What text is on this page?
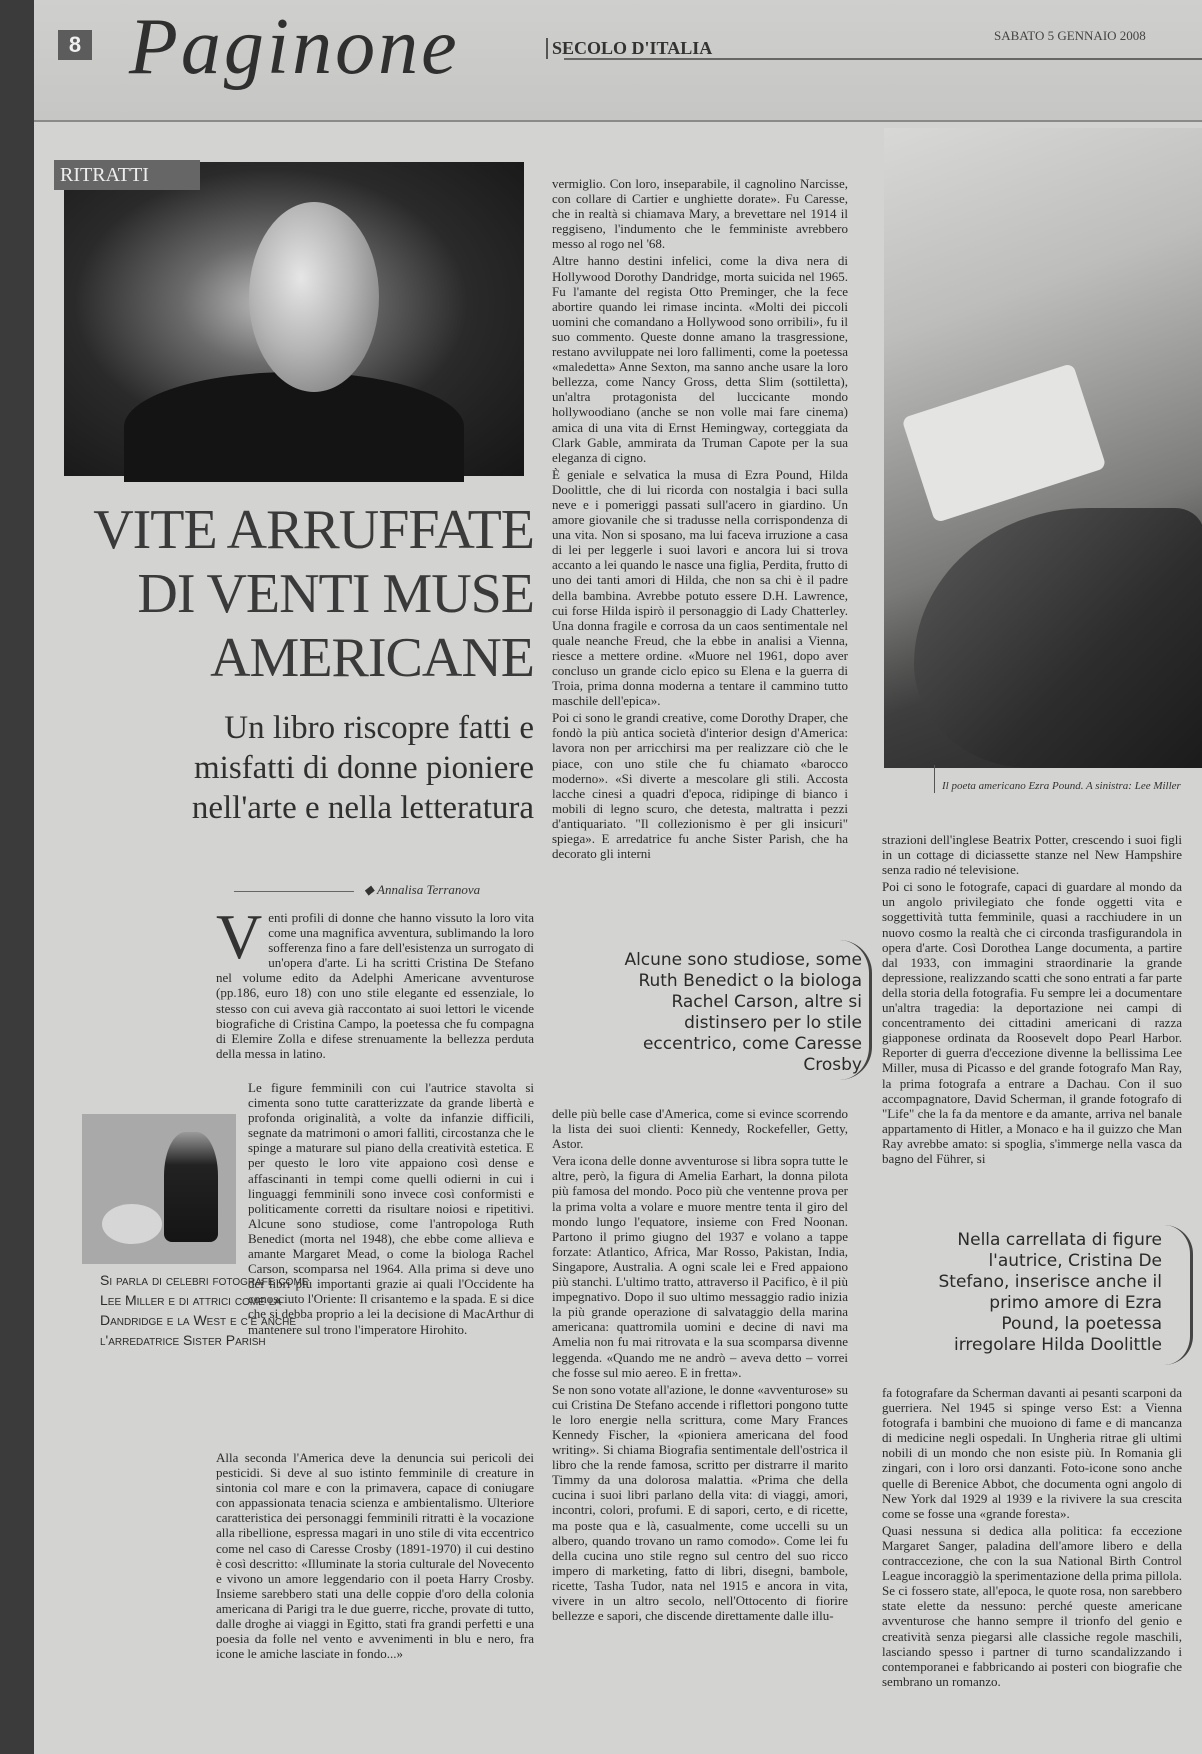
8 Paginone	SECOLO D'ITALIA
SABATO 5 GENNAIO 2008
RITRATTI
VITE ARRUFFATE DI VENTI MUSE AMERICANE
Un libro riscopre fatti e misfatti di donne pioniere nell'arte e nella letteratura
◆ Annalisa Terranova
V enti profili di donne che hanno vissuto la loro vita come una magnifica avventura, sublimando la loro sofferenza fino a fare dell'esistenza un surrogato di un'opera d'arte. Li ha scritti Cristina De Stefano nel volume edito da Adelphi Americane avventurose (pp.186, euro 18) con uno stile elegante ed essenziale, lo stesso con cui aveva già raccontato ai suoi lettori le vicende biografiche di Cristina Campo, la poetessa che fu compagna di Elemire Zolla e difese strenuamente la bellezza perduta della messa in latino.

Le figure femminili con cui l'autrice stavolta si cimenta sono tutte caratterizzate da grande libertà e profonda originalità, a volte da infanzie difficili, segnate da matrimoni o amori falliti, circostanza che le spinge a maturare sul piano della creatività estetica. E per questo le loro vite appaiono così dense e affascinanti in tempi come quelli odierni in cui i linguaggi femminili sono invece così conformisti e politicamente corretti da risultare noiosi e ripetitivi. Alcune sono studiose, come l'antropologa Ruth Benedict (morta nel 1948), che ebbe come allieva e amante Margaret Mead, o come la biologa Rachel Carson, scomparsa nel 1964. Alla prima si deve uno dei libri più importanti grazie ai quali l'Occidente ha conosciuto l'Oriente: Il crisantemo e la spada. E si dice che si debba proprio a lei la decisione di MacArthur di mantenere sul trono l'imperatore Hirohito.

Alla seconda l'America deve la denuncia sui pericoli dei pesticidi. Si deve al suo istinto femminile di creature in sintonia col mare e con la primavera, capace di coniugare con appassionata tenacia scienza e ambientalismo. Ulteriore caratteristica dei personaggi femminili ritratti è la vocazione alla ribellione, espressa magari in uno stile di vita eccentrico come nel caso di Caresse Crosby (1891-1970) il cui destino è così descritto: «Illuminate la storia culturale del Novecento e vivono un amore leggendario con il poeta Harry Crosby. Insieme sarebbero stati una delle coppie d'oro della colonia americana di Parigi tra le due guerre, ricche, provate di tutto, dalle droghe ai viaggi in Egitto, stati fra grandi perfetti e una poesia da folle nel vento e avvenimenti in blu e nero, fra icone le amiche lasciate in fondo...»

Si parla di celebri fotografe come Lee Miller e di attrici come la Dandridge e la West e c'è anche l'arredatrice Sister Parish

vermiglio. Con loro, inseparabile, il cagnolino Narcisse, con collare di Cartier e unghiette dorate». Fu Caresse, che in realtà si chiamava Mary, a brevettare nel 1914 il reggiseno, l'indumento che le femministe avrebbero messo al rogo nel '68.

Altre hanno destini infelici, come la diva nera di Hollywood Dorothy Dandridge, morta suicida nel 1965. Fu l'amante del regista Otto Preminger, che la fece abortire quando lei rimase incinta. «Molti dei piccoli uomini che comandano a Hollywood sono orribili», fu il suo commento. Queste donne amano la trasgressione, restano avviluppate nei loro fallimenti, come la poetessa «maledetta» Anne Sexton, ma sanno anche usare la loro bellezza, come Nancy Gross, detta Slim (sottiletta), un'altra protagonista del luccicante mondo hollywoodiano (anche se non volle mai fare cinema) amica di una vita di Ernst Hemingway, corteggiata da Clark Gable, ammirata da Truman Capote per la sua eleganza di cigno.

È geniale e selvatica la musa di Ezra Pound, Hilda Doolittle, che di lui ricorda con nostalgia i baci sulla neve e i pomeriggi passati sull'acero in giardino. Un amore giovanile che si tradusse nella corrispondenza di una vita. Non si sposano, ma lui faceva irruzione a casa di lei per leggerle i suoi lavori e ancora lui si trova accanto a lei quando le nasce una figlia, Perdita, frutto di uno dei tanti amori di Hilda, che non sa chi è il padre della bambina. Avrebbe potuto essere D.H. Lawrence, cui forse Hilda ispirò il personaggio di Lady Chatterley. Una donna fragile e corrosa da un caos sentimentale nel quale neanche Freud, che la ebbe in analisi a Vienna, riesce a mettere ordine. «Muore nel 1961, dopo aver concluso un grande ciclo epico su Elena e la guerra di Troia, prima donna moderna a tentare il cammino tutto maschile dell'epica».

Poi ci sono le grandi creative, come Dorothy Draper, che fondò la più antica società d'interior design d'America: lavora non per arricchirsi ma per realizzare ciò che le piace, con uno stile che fu chiamato «barocco moderno». «Si diverte a mescolare gli stili. Accosta lacche cinesi a quadri d'epoca, ridipinge di bianco i mobili di legno scuro, che detesta, maltratta i pezzi d'antiquariato. "Il collezionismo è per gli insicuri" spiega». E arredatrice fu anche Sister Parish, che ha decorato gli interni

Alcune sono studiose, some Ruth Benedict o la biologa Rachel Carson, altre si distinsero per lo stile eccentrico, come Caresse Crosby

delle più belle case d'America, come si evince scorrendo la lista dei suoi clienti: Kennedy, Rockefeller, Getty, Astor.

Vera icona delle donne avventurose si libra sopra tutte le altre, però, la figura di Amelia Earhart, la donna pilota più famosa del mondo. Poco più che ventenne prova per la prima volta a volare e muore mentre tenta il giro del mondo lungo l'equatore, insieme con Fred Noonan. Partono il primo giugno del 1937 e volano a tappe forzate: Atlantico, Africa, Mar Rosso, Pakistan, India, Singapore, Australia. A ogni scale lei e Fred appaiono più stanchi. L'ultimo tratto, attraverso il Pacifico, è il più impegnativo. Dopo il suo ultimo messaggio radio inizia la più grande operazione di salvataggio della marina americana: quattromila uomini e decine di navi ma Amelia non fu mai ritrovata e la sua scomparsa divenne leggenda. «Quando me ne andrò – aveva detto – vorrei che fosse sul mio aereo. E in fretta».

Se non sono votate all'azione, le donne «avventurose» su cui Cristina De Stefano accende i riflettori pongono tutte le loro energie nella scrittura, come Mary Frances Kennedy Fischer, la «pioniera americana del food writing». Si chiama Biografia sentimentale dell'ostrica il libro che la rende famosa, scritto per distrarre il marito Timmy da una dolorosa malattia. «Prima che della cucina i suoi libri parlano della vita: di viaggi, amori, incontri, colori, profumi. E di sapori, certo, e di ricette, ma poste qua e là, casualmente, come uccelli su un albero, quando trovano un ramo comodo». Come lei fu della cucina uno stile regno sul centro del suo ricco impero di marketing, fatto di libri, disegni, bambole, ricette, Tasha Tudor, nata nel 1915 e ancora in vita, vivere in un altro secolo, nell'Ottocento di fiorire bellezze e sapori, che discende direttamente dalle illu-

Il poeta americano Ezra Pound. A sinistra: Lee Miller

strazioni dell'inglese Beatrix Potter, crescendo i suoi figli in un cottage di diciassette stanze nel New Hampshire senza radio né televisione.

Poi ci sono le fotografe, capaci di guardare al mondo da un angolo privilegiato che fonde oggetti vita e soggettività tutta femminile, quasi a racchiudere in un nuovo cosmo la realtà che ci circonda trasfigurandola in opera d'arte. Così Dorothea Lange documenta, a partire dal 1933, con immagini straordinarie la grande depressione, realizzando scatti che sono entrati a far parte della storia della fotografia. Fu sempre lei a documentare un'altra tragedia: la deportazione nei campi di concentramento dei cittadini americani di razza giapponese ordinata da Roosevelt dopo Pearl Harbor. Reporter di guerra d'eccezione divenne la bellissima Lee Miller, musa di Picasso e del grande fotografo Man Ray, la prima fotografa a entrare a Dachau. Con il suo accompagnatore, David Scherman, il grande fotografo di "Life" che la fa da mentore e da amante, arriva nel banale appartamento di Hitler, a Monaco e ha il guizzo che Man Ray avrebbe amato: si spoglia, s'immerge nella vasca da bagno del Führer, si

Nella carrellata di figure l'autrice, Cristina De Stefano, inserisce anche il primo amore di Ezra Pound, la poetessa irregolare Hilda Doolittle

fa fotografare da Scherman davanti ai pesanti scarponi da guerriera. Nel 1945 si spinge verso Est: a Vienna fotografa i bambini che muoiono di fame e di mancanza di medicine negli ospedali. In Ungheria ritrae gli ultimi nobili di un mondo che non esiste più. In Romania gli zingari, con i loro orsi danzanti. Foto-icone sono anche quelle di Berenice Abbot, che documenta ogni angolo di New York dal 1929 al 1939 e la rivivere la sua crescita come se fosse una «grande foresta».

Quasi nessuna si dedica alla politica: fa eccezione Margaret Sanger, paladina dell'amore libero e della contraccezione, che con la sua National Birth Control League incoraggiò la sperimentazione della prima pillola. Se ci fossero state, all'epoca, le quote rosa, non sarebbero state elette da nessuno: perché queste americane avventurose che hanno sempre il trionfo del genio e creatività senza piegarsi alle classiche regole maschili, lasciando spesso i partner di turno scandalizzando i contemporanei e fabbricando ai posteri con biografie che sembrano un romanzo.
